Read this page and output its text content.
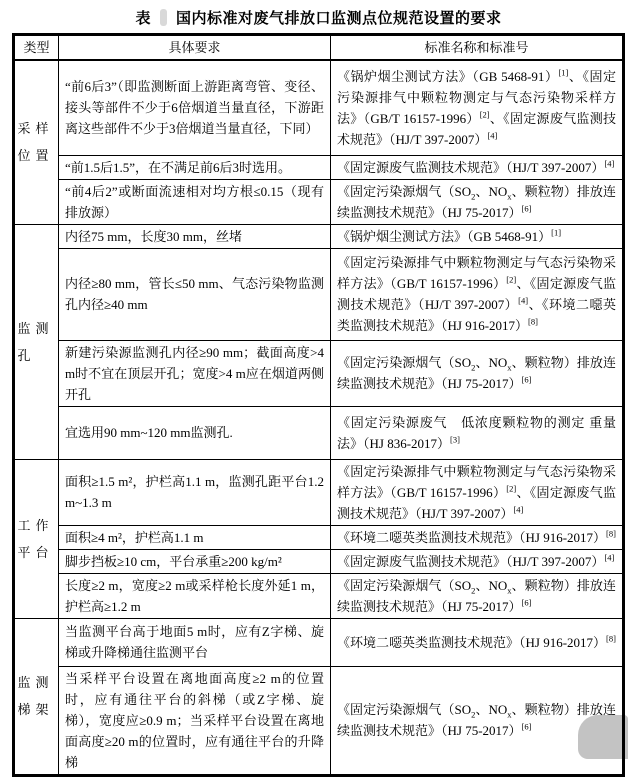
表 国内标准对废气排放口监测点位规范设置的要求
类型	具体要求	标准名称和标准号

采样位置	“前6后3”（即监测断面上游距离弯管、变径、接头等部件不少于6倍烟道当量直径，下游距离这些部件不少于3倍烟道当量直径，下同）	《锅炉烟尘测试方法》（GB 5468-91）[1]、《固定污染源排气中颗粒物测定与气态污染物采样方法》（GB/T 16157-1996）[2]、《固定源废气监测技术规范》（HJ/T 397-2007）[4]
	“前1.5后1.5”，在不满足前6后3时选用。	《固定源废气监测技术规范》（HJ/T 397-2007）[4]
	“前4后2”或断面流速相对均方根≤0.15（现有排放源）	《固定污染源烟气（$SO_2$、$NO_x$、颗粒物）排放连续监测技术规范》（HJ 75-2017）[6]

监测孔	内径75 mm，长度30 mm，丝堵	《锅炉烟尘测试方法》（GB 5468-91）[1]
	内径≥80 mm，管长≤50 mm、气态污染物监测孔内径≥40 mm	《固定污染源排气中颗粒物测定与气态污染物采样方法》（GB/T 16157-1996）[2]、《固定源废气监测技术规范》（HJ/T 397-2007）[4]、《环境二噁英类监测技术规范》（HJ 916-2017）[8]
	新建污染源监测孔内径≥90 mm；截面高度>4 m时不宜在顶层开孔；宽度>4 m应在烟道两侧开孔	《固定污染源烟气（$SO_2$、$NO_x$、颗粒物）排放连续监测技术规范》（HJ 75-2017）[6]
	宜选用90 mm~120 mm监测孔.	《固定污染源废气　低浓度颗粒物的测定 重量法》（HJ 836-2017）[3]

工作平台	面积≥1.5 m²，护栏高1.1 m，监测孔距平台1.2 m~1.3 m	《固定污染源排气中颗粒物测定与气态污染物采样方法》（GB/T 16157-1996）[2]、《固定源废气监测技术规范》（HJ/T 397-2007）[4]
	面积≥4 m²，护栏高1.1 m	《环境二噁英类监测技术规范》（HJ 916-2017）[8]
	脚步挡板≥10 cm，平台承重≥200 kg/m²	《固定源废气监测技术规范》（HJ/T 397-2007）[4]
	长度≥2 m，宽度≥2 m或采样枪长度外延1 m，护栏高≥1.2 m	《固定污染源烟气（$SO_2$、$NO_x$、颗粒物）排放连续监测技术规范》（HJ 75-2017）[6]

监测梯架	当监测平台高于地面5 m时，应有Z字梯、旋梯或升降梯通往监测平台	《环境二噁英类监测技术规范》（HJ 916-2017）[8]
	当采样平台设置在离地面高度≥2 m的位置时，应有通往平台的斜梯（或Z字梯、旋梯），宽度应≥0.9 m；当采样平台设置在离地面高度≥20 m的位置时，应有通往平台的升降梯	《固定污染源烟气（$SO_2$、$NO_x$、颗粒物）排放连续监测技术规范》（HJ 75-2017）[6]
